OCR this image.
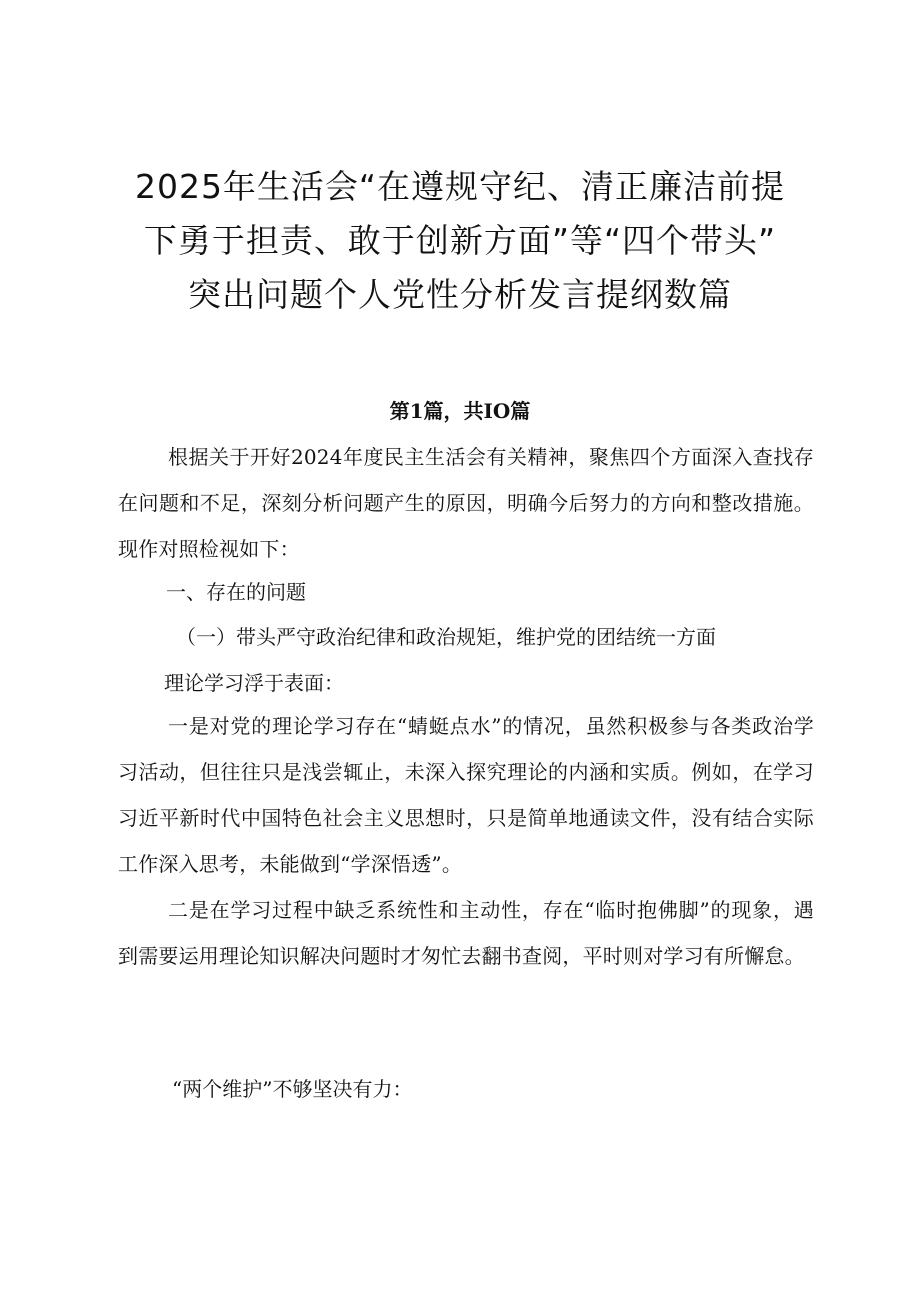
2025年生活会“在遵规守纪、清正廉洁前提
下勇于担责、敢于创新方面”等“四个带头”
突出问题个人党性分析发言提纲数篇

第1篇，共IO篇

根据关于开好2024年度民主生活会有关精神，聚焦四个方面深入查找存在问题和不足，深刻分析问题产生的原因，明确今后努力的方向和整改措施。现作对照检视如下：

一、存在的问题

（一）带头严守政治纪律和政治规矩，维护党的团结统一方面

理论学习浮于表面：

一是对党的理论学习存在“蜻蜓点水”的情况，虽然积极参与各类政治学习活动，但往往只是浅尝辄止，未深入探究理论的内涵和实质。例如，在学习习近平新时代中国特色社会主义思想时，只是简单地通读文件，没有结合实际工作深入思考，未能做到“学深悟透”。

二是在学习过程中缺乏系统性和主动性，存在“临时抱佛脚”的现象，遇到需要运用理论知识解决问题时才匆忙去翻书查阅，平时则对学习有所懈怠。

“两个维护”不够坚决有力：
